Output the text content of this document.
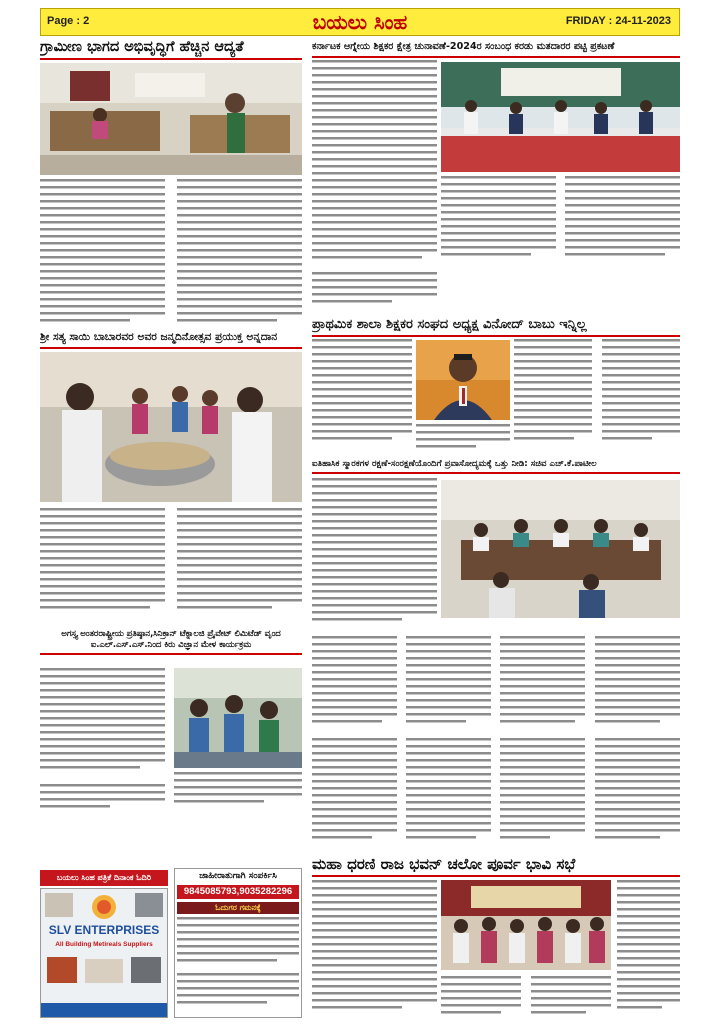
Page : 2	ಬಯಲು ಸಿಂಹ	FRIDAY : 24-11-2023
ಗ್ರಾಮೀಣ ಭಾಗದ ಅಭಿವೃದ್ಧಿಗೆ ಹೆಚ್ಚಿನ ಆದ್ಯತೆ	ಕರ್ನಾಟಕ ಆಗ್ನೇಯ ಶಿಕ್ಷಕರ ಕ್ಷೇತ್ರ ಚುನಾವಣೆ-2024ರ ಸಂಬಂಧ ಕರಡು ಮತದಾರರ ಪಟ್ಟಿ ಪ್ರಕಟಣೆ
ಶ್ರೀ ಸತ್ಯ ಸಾಯಿ ಬಾಬಾರವರ ಅವರ ಜನ್ಮದಿನೋತ್ಸವ ಪ್ರಯುಕ್ತ ಅನ್ನದಾನ
ಪ್ರಾಥಮಿಕ ಶಾಲಾ ಶಿಕ್ಷಕರ ಸಂಘದ ಅಧ್ಯಕ್ಷ ವಿನೋದ್ ಬಾಬು ಇನ್ನಿಲ್ಲ
ಐತಿಹಾಸಿಕ ಸ್ಮಾರಕಗಳ ರಕ್ಷಣೆ-ಸಂರಕ್ಷಣೆಯೊಂದಿಗೆ ಪ್ರವಾಸೋದ್ಯಮಕ್ಕೆ ಒತ್ತು ನೀಡಿ: ಸಚಿವ ಎಚ್.ಕೆ.ಪಾಟೀಲ
ಅಗಸ್ತ್ಯ ಅಂತರರಾಷ್ಟ್ರೀಯ ಪ್ರತಿಷ್ಠಾನ,ಸಿನಿಕ್ರಾನ್ ಟೆಕ್ನಾಲಜಿ ಪ್ರೈವೇಟ್ ಲಿಮಿಟೆಡ್ ವೃಂದ ಐ.ಎಲ್.ಎಸ್.ಎಸ್.ನಿಂದ ಕಿರು ವಿಜ್ಞಾನ ಮೇಳ ಕಾರ್ಯಕ್ರಮ
ಬಯಲು ಸಿಂಹ ಪತ್ರಿಕೆ ದಿನಾಂಕ ಓದಿರಿ
SLV ENTERPRISES
All Building Metireals Suppliers
ಜಾಹೀರಾತುಗಾಗಿ ಸಂಪರ್ಕಿಸಿ
9845085793,9035282296
ಓದುಗರ ಗಮನಕ್ಕೆ
ಮಹಾ ಧರಣಿ ರಾಜ ಭವನ್ ಚಲೋ ಪೂರ್ವ ಭಾವಿ ಸಭೆ
